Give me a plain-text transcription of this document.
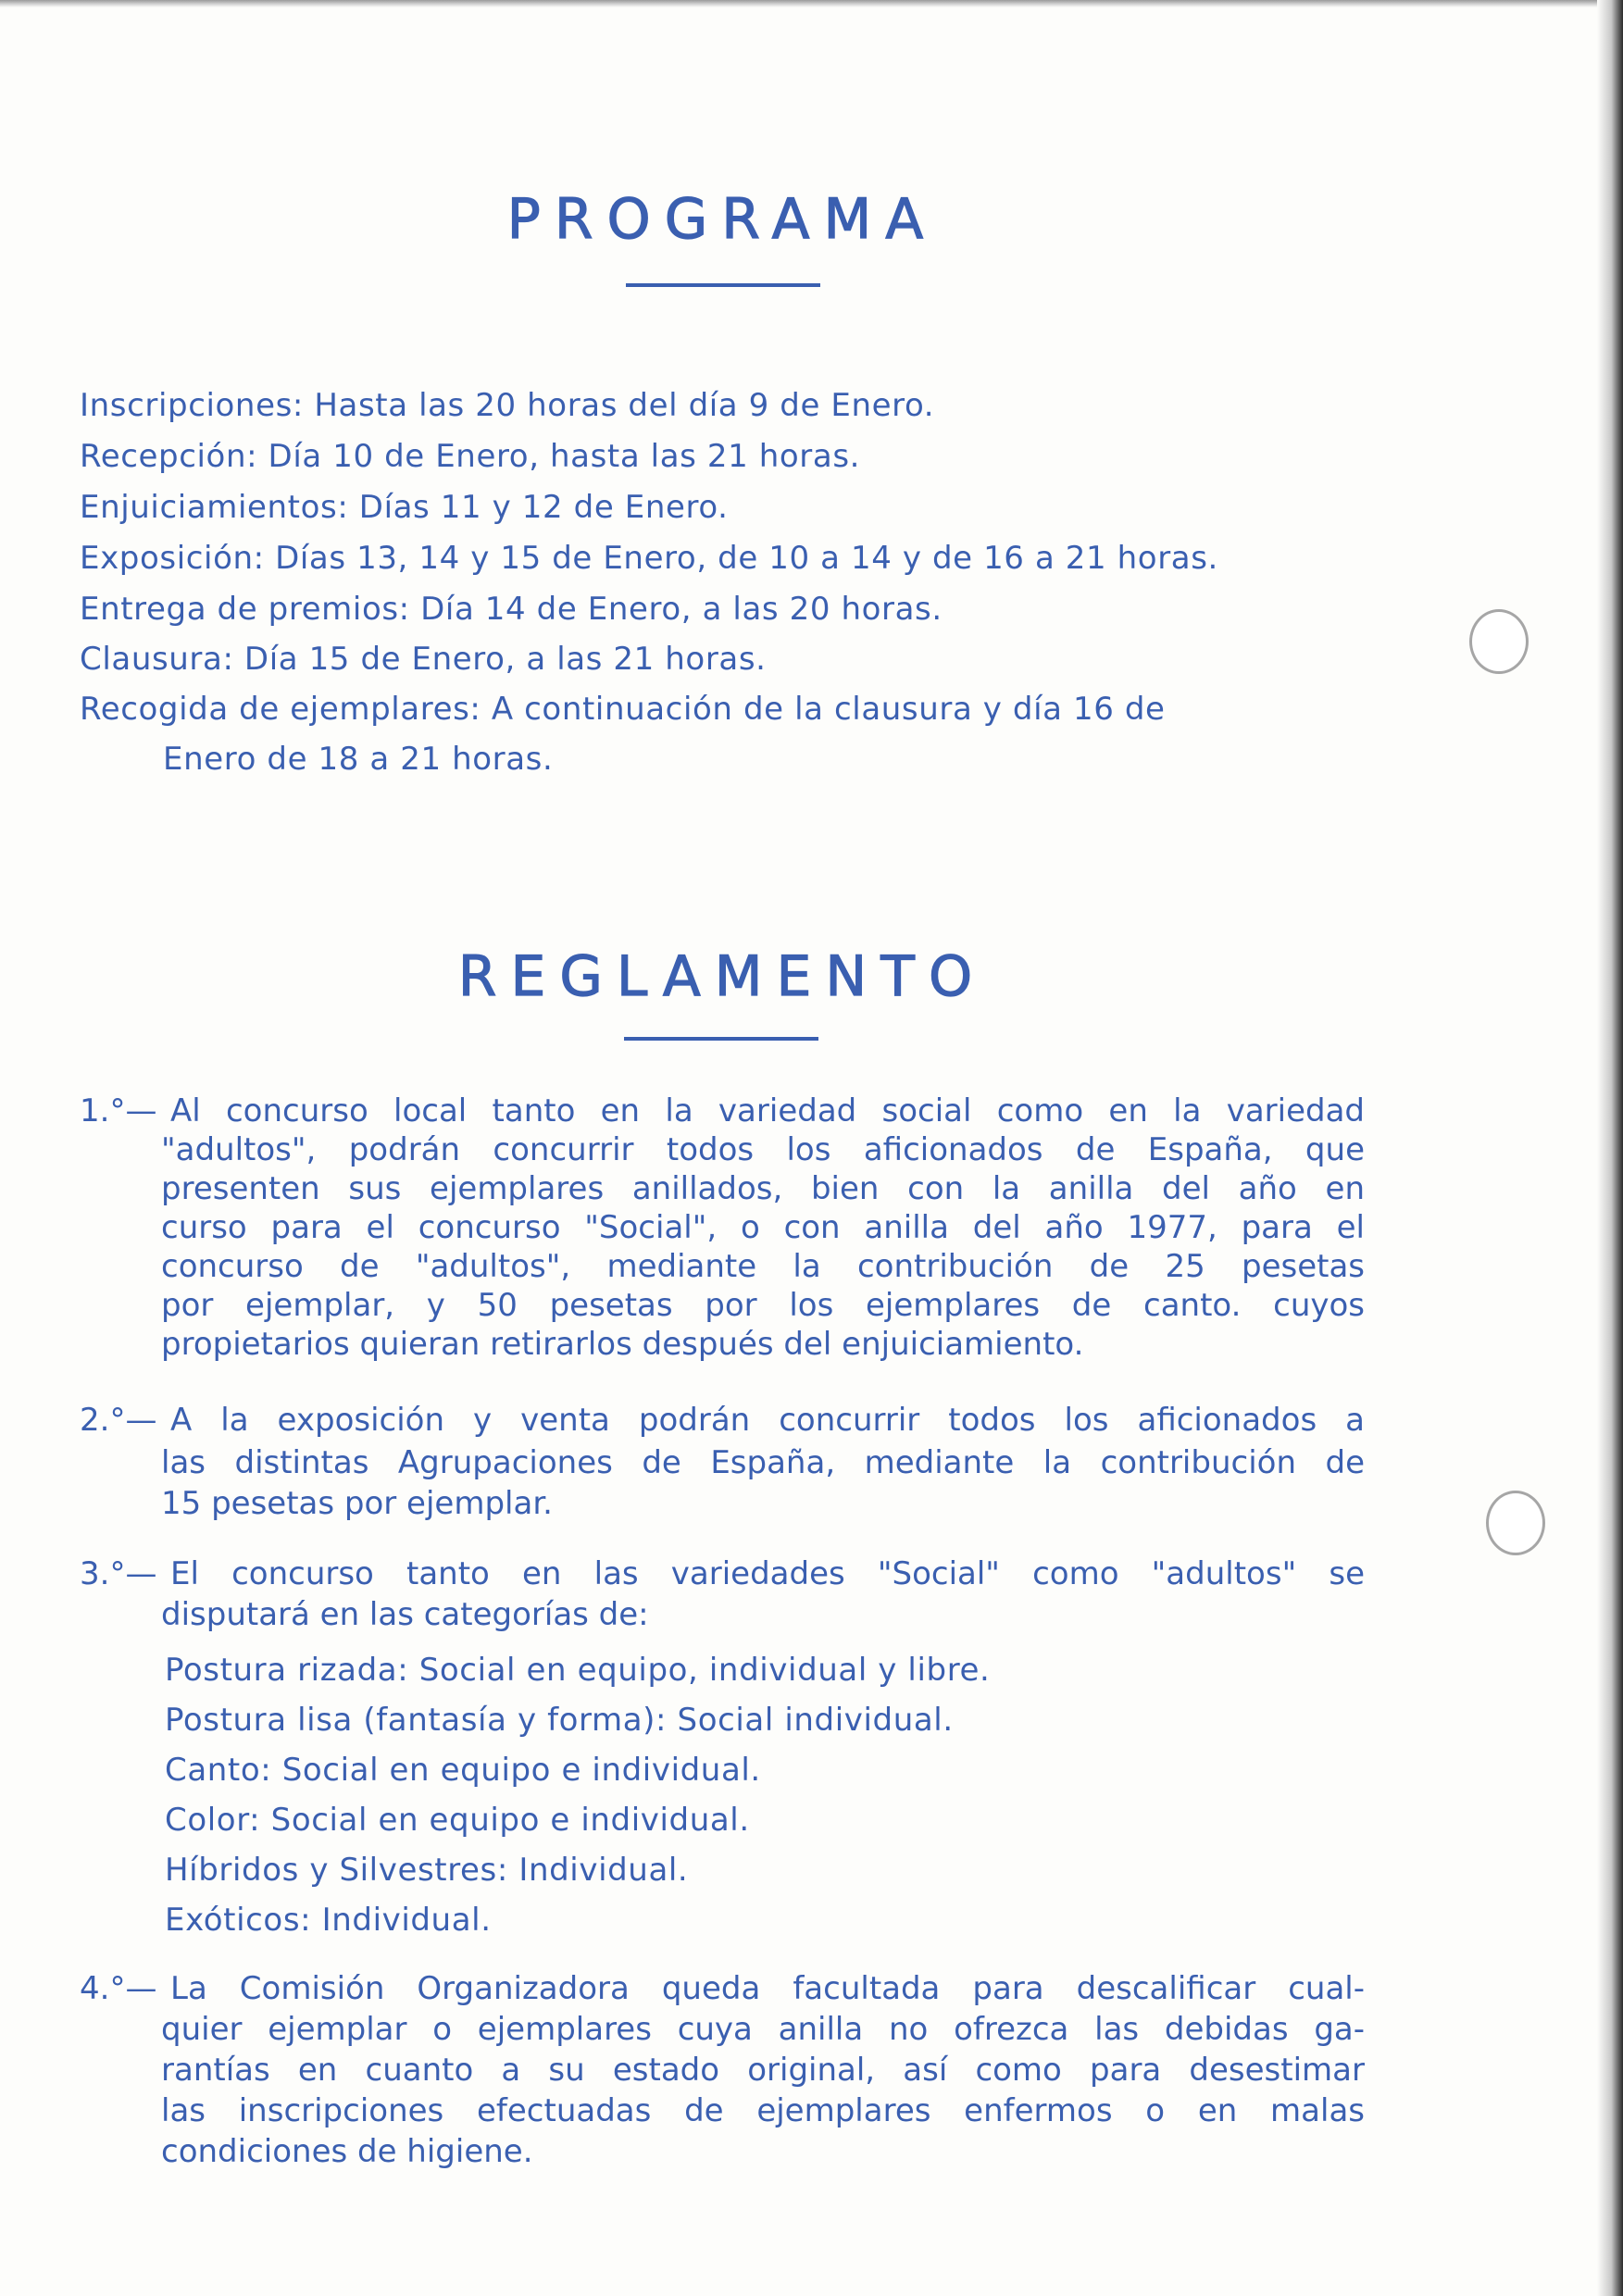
PROGRAMA

Inscripciones: Hasta las 20 horas del día 9 de Enero.

Recepción: Día 10 de Enero, hasta las 21 horas.

Enjuiciamientos: Días 11 y 12 de Enero.

Exposición: Días 13, 14 y 15 de Enero, de 10 a 14 y de 16 a 21 horas.

Entrega de premios: Día 14 de Enero, a las 20 horas.

Clausura: Día 15 de Enero, a las 21 horas.

Recogida de ejemplares: A continuación de la clausura y día 16 de

Enero de 18 a 21 horas.

REGLAMENTO

1.°— Al concurso local tanto en la variedad social como en la variedad

"adultos", podrán concurrir todos los aficionados de España, que

presenten sus ejemplares anillados, bien con la anilla del año en

curso para el concurso "Social", o con anilla del año 1977, para el

concurso de "adultos", mediante la contribución de 25 pesetas

por ejemplar, y 50 pesetas por los ejemplares de canto. cuyos

propietarios quieran retirarlos después del enjuiciamiento.

2.°— A la exposición y venta podrán concurrir todos los aficionados a

las distintas Agrupaciones de España, mediante la contribución de

15 pesetas por ejemplar.

3.°— El concurso tanto en las variedades "Social" como "adultos" se

disputará en las categorías de:

Postura rizada: Social en equipo, individual y libre.

Postura lisa (fantasía y forma): Social individual.

Canto: Social en equipo e individual.

Color: Social en equipo e individual.

Híbridos y Silvestres: Individual.

Exóticos: Individual.

4.°— La Comisión Organizadora queda facultada para descalificar cual-

quier ejemplar o ejemplares cuya anilla no ofrezca las debidas ga-

rantías en cuanto a su estado original, así como para desestimar

las inscripciones efectuadas de ejemplares enfermos o en malas

condiciones de higiene.
